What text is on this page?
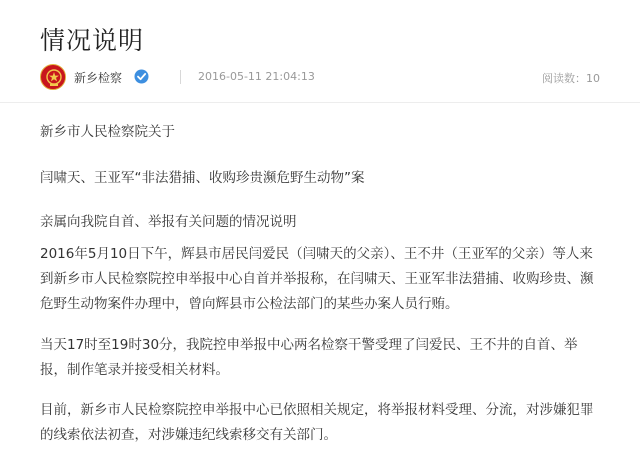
情况说明
新乡检察	2016-05-11 21:04:13	阅读数：10
新乡市人民检察院关于
闫啸天、王亚军“非法猎捕、收购珍贵濒危野生动物”案
亲属向我院自首、举报有关问题的情况说明
2016年5月10日下午，辉县市居民闫爱民（闫啸天的父亲）、王不井（王亚军的父亲）等人来到新乡市人民检察院控申举报中心自首并举报称，在闫啸天、王亚军非法猎捕、收购珍贵、濒危野生动物案件办理中，曾向辉县市公检法部门的某些办案人员行贿。
当天17时至19时30分，我院控申举报中心两名检察干警受理了闫爱民、王不井的自首、举报，制作笔录并接受相关材料。
目前，新乡市人民检察院控申举报中心已依照相关规定，将举报材料受理、分流，对涉嫌犯罪的线索依法初查，对涉嫌违纪线索移交有关部门。
